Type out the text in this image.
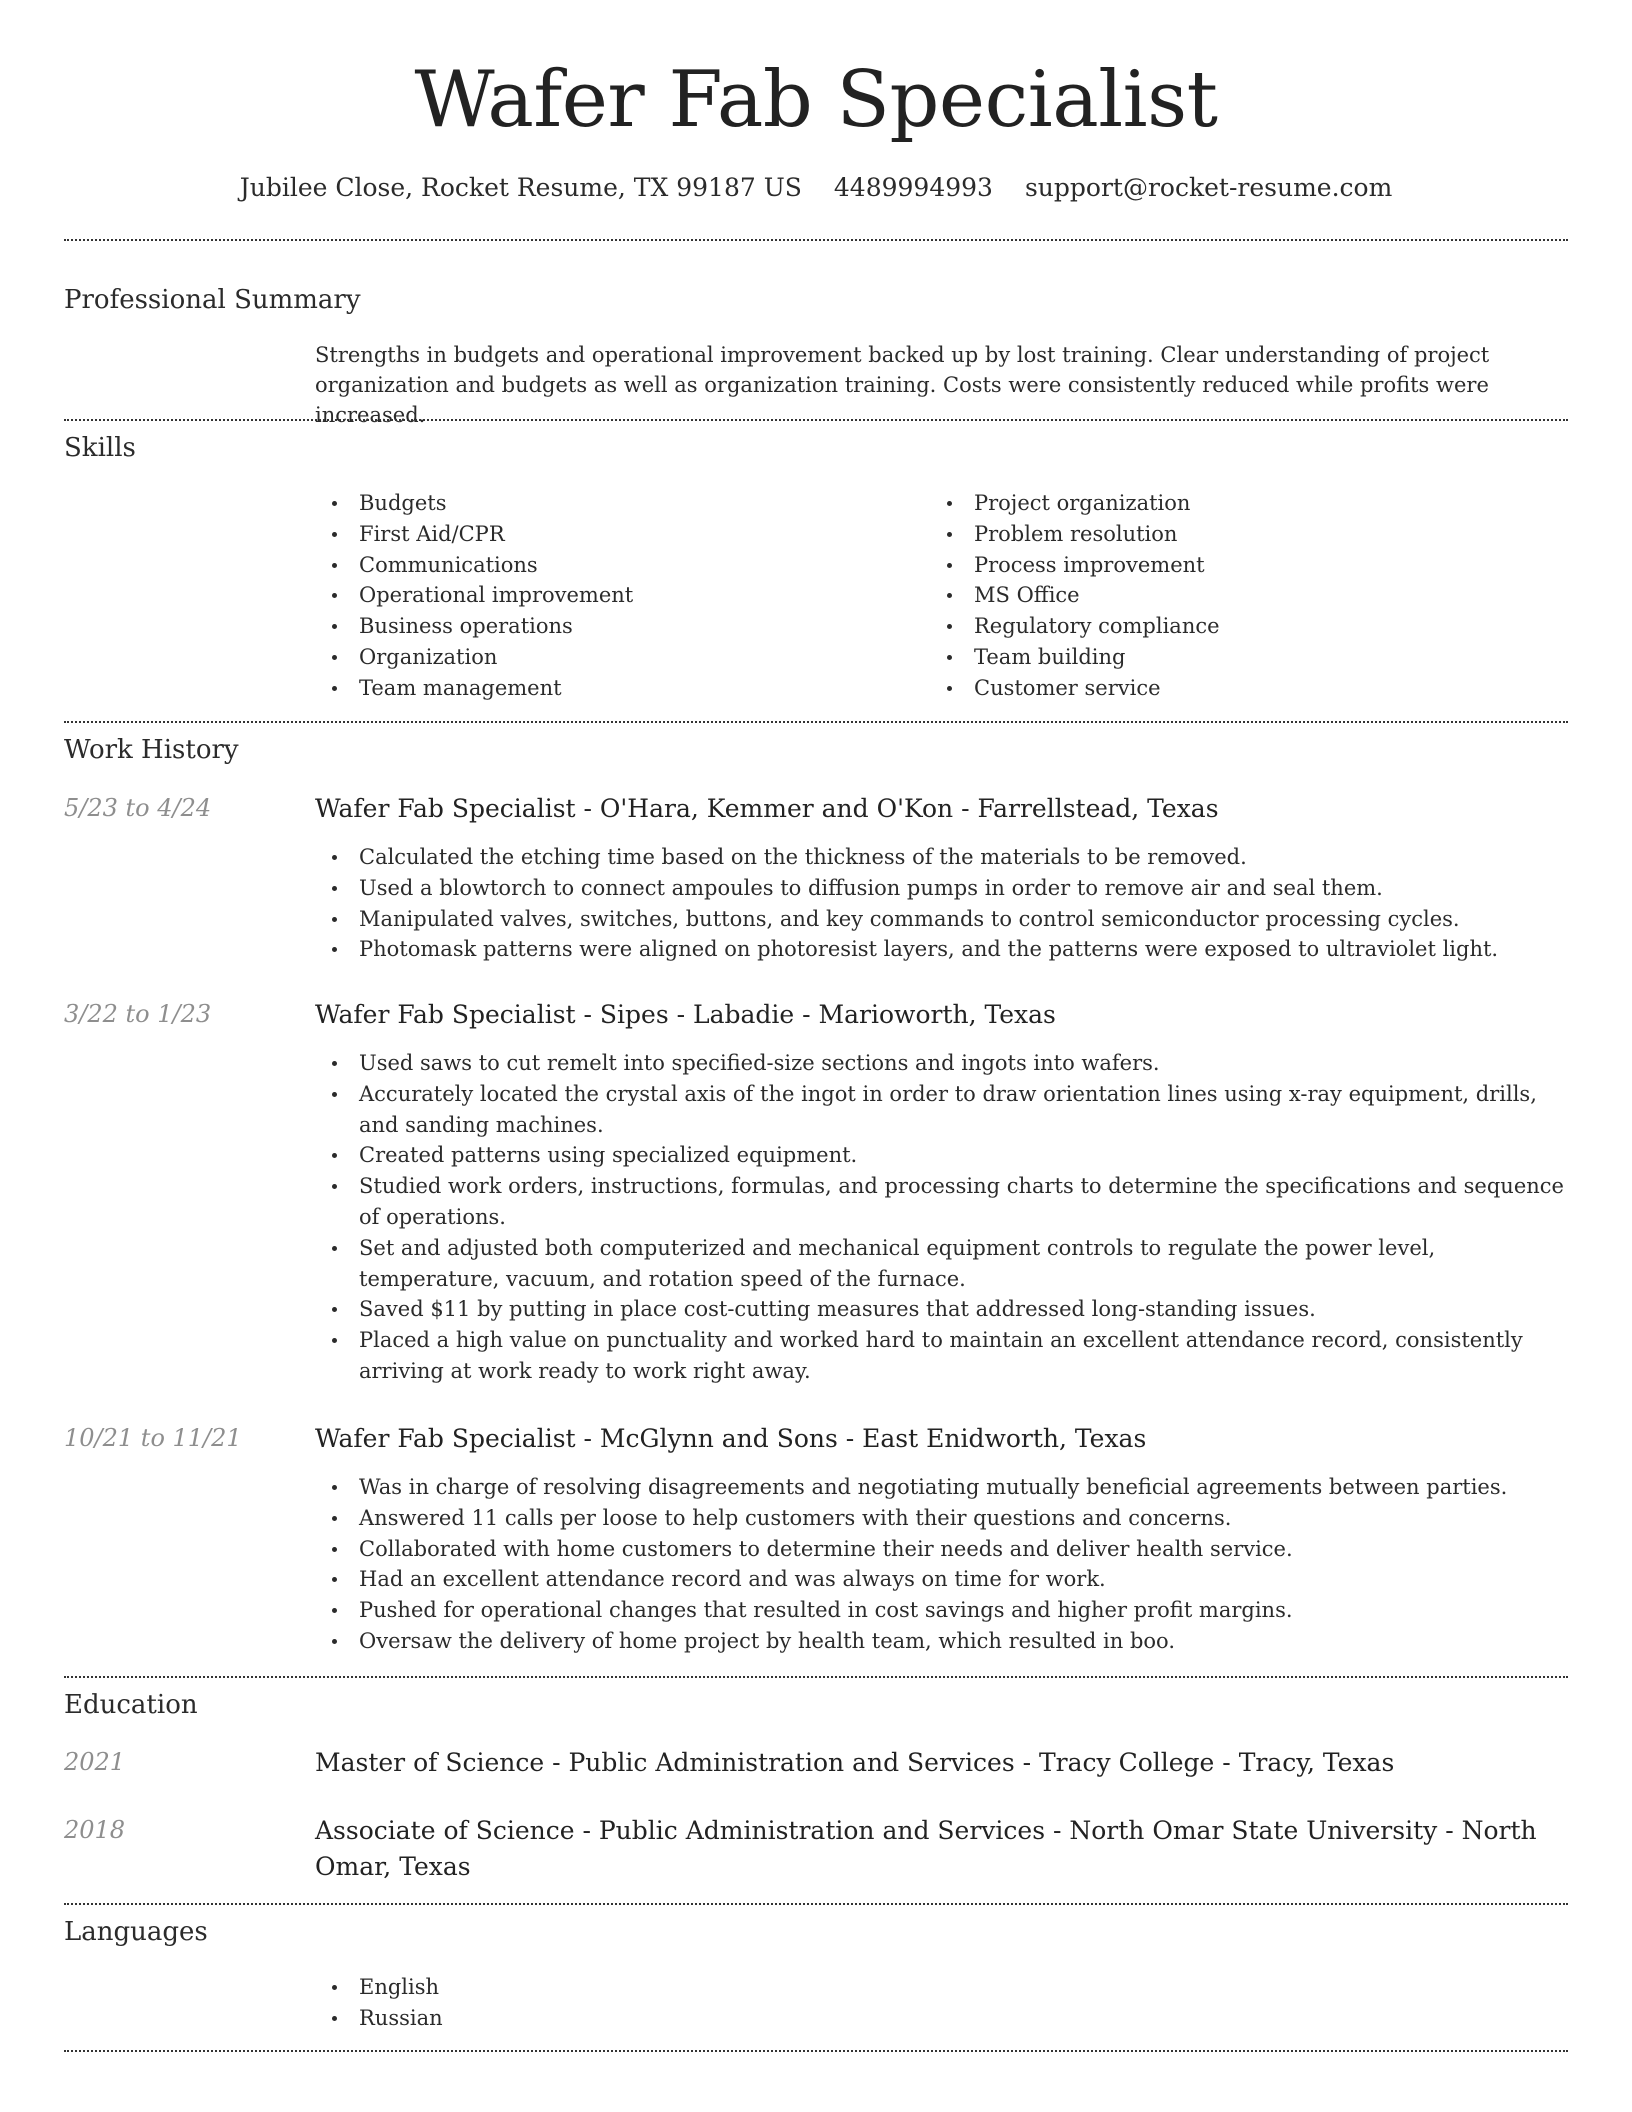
Wafer Fab Specialist
Jubilee Close, Rocket Resume, TX 99187 US 4489994993 support@rocket-resume.com
Professional Summary
Strengths in budgets and operational improvement backed up by lost training. Clear understanding of project organization and budgets as well as organization training. Costs were consistently reduced while profits were increased.
Skills
Budgets
First Aid/CPR
Communications
Operational improvement
Business operations
Organization
Team management
Project organization
Problem resolution
Process improvement
MS Office
Regulatory compliance
Team building
Customer service
Work History
5/23 to 4/24	Wafer Fab Specialist - O'Hara, Kemmer and O'Kon - Farrellstead, Texas
Calculated the etching time based on the thickness of the materials to be removed.
Used a blowtorch to connect ampoules to diffusion pumps in order to remove air and seal them.
Manipulated valves, switches, buttons, and key commands to control semiconductor processing cycles.
Photomask patterns were aligned on photoresist layers, and the patterns were exposed to ultraviolet light.
3/22 to 1/23	Wafer Fab Specialist - Sipes - Labadie - Marioworth, Texas
Used saws to cut remelt into specified-size sections and ingots into wafers.
Accurately located the crystal axis of the ingot in order to draw orientation lines using x-ray equipment, drills, and sanding machines.
Created patterns using specialized equipment.
Studied work orders, instructions, formulas, and processing charts to determine the specifications and sequence of operations.
Set and adjusted both computerized and mechanical equipment controls to regulate the power level, temperature, vacuum, and rotation speed of the furnace.
Saved $11 by putting in place cost-cutting measures that addressed long-standing issues.
Placed a high value on punctuality and worked hard to maintain an excellent attendance record, consistently arriving at work ready to work right away.
10/21 to 11/21	Wafer Fab Specialist - McGlynn and Sons - East Enidworth, Texas
Was in charge of resolving disagreements and negotiating mutually beneficial agreements between parties.
Answered 11 calls per loose to help customers with their questions and concerns.
Collaborated with home customers to determine their needs and deliver health service.
Had an excellent attendance record and was always on time for work.
Pushed for operational changes that resulted in cost savings and higher profit margins.
Oversaw the delivery of home project by health team, which resulted in boo.
Education
2021	Master of Science - Public Administration and Services - Tracy College - Tracy, Texas
2018	Associate of Science - Public Administration and Services - North Omar State University - North Omar, Texas
Languages
English
Russian
